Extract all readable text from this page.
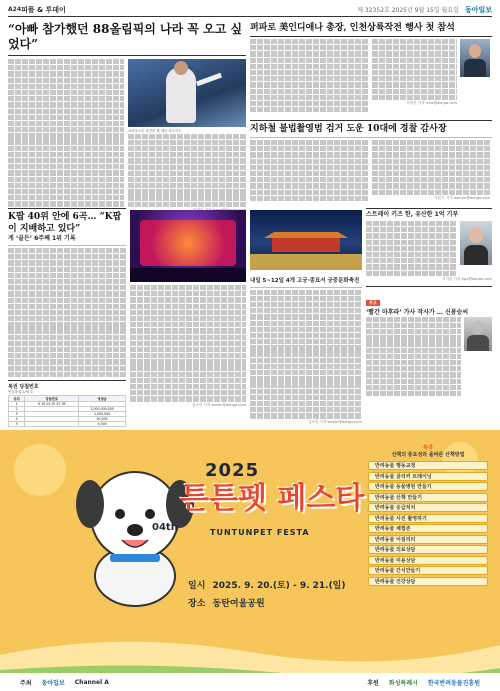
A24 피플 & 투데이	제 32352호 2025년 9월 15일 월요일 동아일보
“아빠 참가했던 88올림픽의 나라 꼭 오고 싶었다”
코리아오픈 출전한 英 에마 라두카누
K팝 40위 안에 6곡… “K팝이 지배하고 있다”
게 ‘골든’ 6주째 1위 기록
복권 당첨번호
연금복권 2/제 호
등위	당첨번호	당첨금
1	9 19 24 35 37 38	
2		2,000,000,000
3		1,500,000
4		50,000
5		5,000
김소민 기자 somin@donga.com

내일 5~12일 4개 고궁·종묘서 궁중문화축전
김소민 기자 somin@donga.com
퍼파로 美인디애나 총장, 인천상륙작전 행사 첫 참석
조종준 기자 jcho@donga.com
지하철 불법촬영범 검거 도운 10대에 경찰 감사장
지민구 기자 warum@donga.com
스트레이 키즈 한, 유산한 1억 기부
사지원 기자 4g1@donga.com
부고
‘빨간 마후라’ 가사 작사가 … 신봉승씨
2025
튼튼펫 페스타
04th	TUNTUNPET FESTA
일시 2025. 9. 20.(토) - 9. 21.(일)
장소 동탄여울공원
특강
산책의 중요성과 올바른 산책방법
반려동물 행동교정
반려동물 클리커 트레이닝
반려동물 동물병원 만들기
반려동물 산책 만들기
반려동물 응급처치
반려동물 사진 촬영하기
반려동물 체험존
반려동물 어질리티
반려동물 의료상담
반려동물 미용상담
반려동물 간식만들기
반려동물 건강상담
주최 동아일보 Channel A	후원 화성특례시 한국반려동물진흥원
